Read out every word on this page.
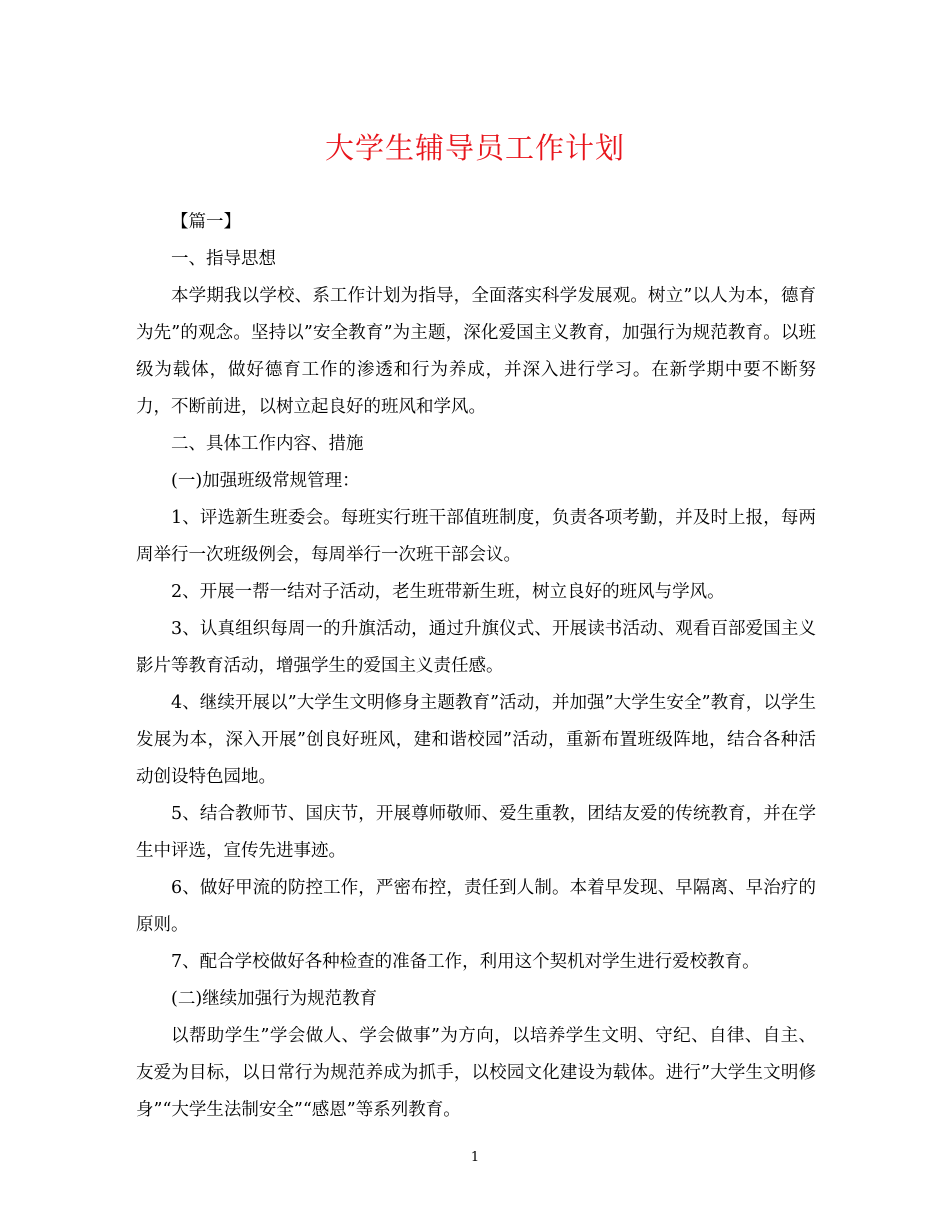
大学生辅导员工作计划

【篇一】

一、指导思想

本学期我以学校、系工作计划为指导，全面落实科学发展观。树立”以人为本，德育为先”的观念。坚持以”安全教育”为主题，深化爱国主义教育，加强行为规范教育。以班级为载体，做好德育工作的渗透和行为养成，并深入进行学习。在新学期中要不断努力，不断前进，以树立起良好的班风和学风。

二、具体工作内容、措施

(一)加强班级常规管理：

1、评选新生班委会。每班实行班干部值班制度，负责各项考勤，并及时上报，每两周举行一次班级例会，每周举行一次班干部会议。

2、开展一帮一结对子活动，老生班带新生班，树立良好的班风与学风。

3、认真组织每周一的升旗活动，通过升旗仪式、开展读书活动、观看百部爱国主义影片等教育活动，增强学生的爱国主义责任感。

4、继续开展以”大学生文明修身主题教育”活动，并加强”大学生安全”教育，以学生发展为本，深入开展”创良好班风，建和谐校园”活动，重新布置班级阵地，结合各种活动创设特色园地。

5、结合教师节、国庆节，开展尊师敬师、爱生重教，团结友爱的传统教育，并在学生中评选，宣传先进事迹。

6、做好甲流的防控工作，严密布控，责任到人制。本着早发现、早隔离、早治疗的原则。

7、配合学校做好各种检查的准备工作，利用这个契机对学生进行爱校教育。

(二)继续加强行为规范教育

以帮助学生”学会做人、学会做事”为方向，以培养学生文明、守纪、自律、自主、友爱为目标，以日常行为规范养成为抓手，以校园文化建设为载体。进行”大学生文明修身”“大学生法制安全”“感恩”等系列教育。

1
